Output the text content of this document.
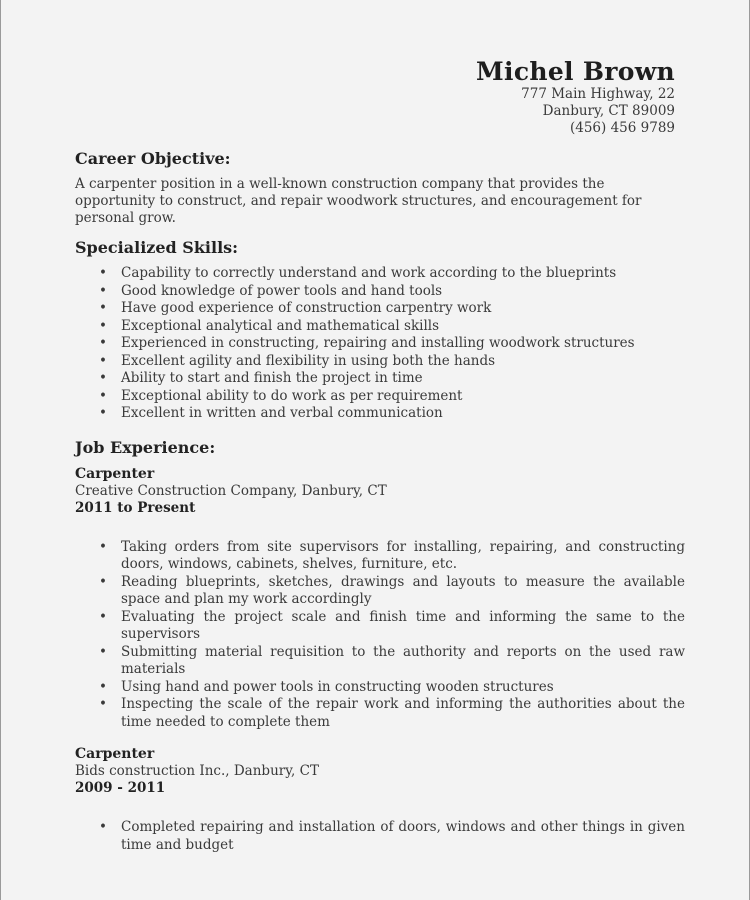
Michel Brown
777 Main Highway, 22
Danbury, CT 89009
(456) 456 9789
Career Objective:
A carpenter position in a well-known construction company that provides the opportunity to construct, and repair woodwork structures, and encouragement for personal grow.
Specialized Skills:
• Capability to correctly understand and work according to the blueprints
• Good knowledge of power tools and hand tools
• Have good experience of construction carpentry work
• Exceptional analytical and mathematical skills
• Experienced in constructing, repairing and installing woodwork structures
• Excellent agility and flexibility in using both the hands
• Ability to start and finish the project in time
• Exceptional ability to do work as per requirement
• Excellent in written and verbal communication
Job Experience:
Carpenter
Creative Construction Company, Danbury, CT
2011 to Present
• Taking orders from site supervisors for installing, repairing, and constructing doors, windows, cabinets, shelves, furniture, etc.
• Reading blueprints, sketches, drawings and layouts to measure the available space and plan my work accordingly
• Evaluating the project scale and finish time and informing the same to the supervisors
• Submitting material requisition to the authority and reports on the used raw materials
• Using hand and power tools in constructing wooden structures
• Inspecting the scale of the repair work and informing the authorities about the time needed to complete them
Carpenter
Bids construction Inc., Danbury, CT
2009 - 2011
• Completed repairing and installation of doors, windows and other things in given time and budget
